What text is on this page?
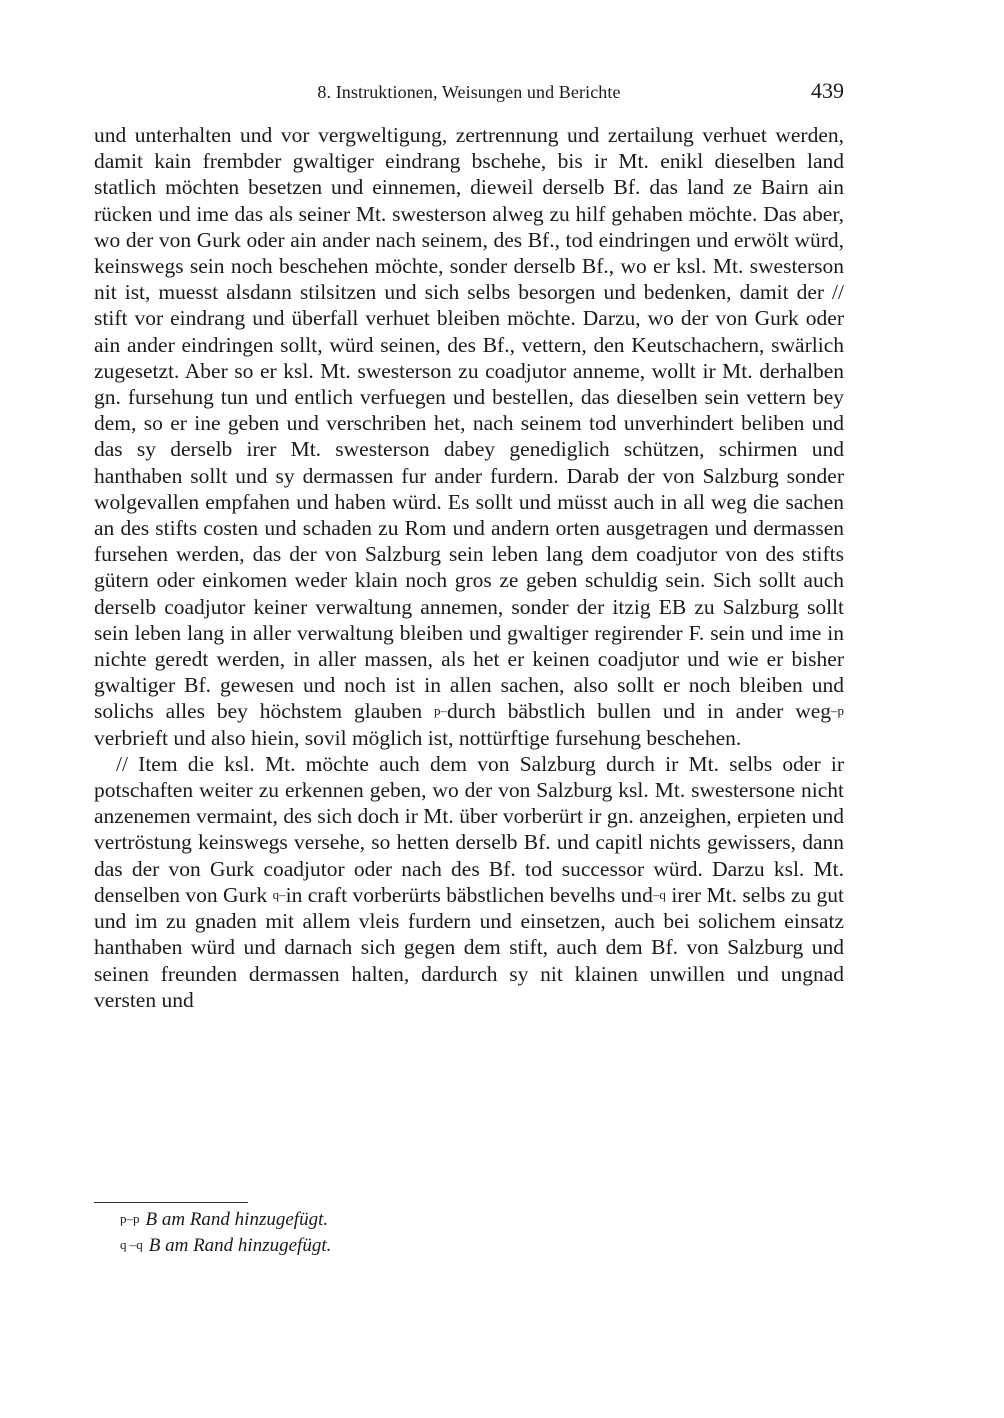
8. Instruktionen, Weisungen und Berichte	439

und unterhalten und vor vergweltigung, zertrennung und zertailung verhuet werden, damit kain frembder gwaltiger eindrang bschehe, bis ir Mt. enikl dieselben land statlich möchten besetzen und einnemen, dieweil derselb Bf. das land ze Bairn ain rücken und ime das als seiner Mt. swesterson alweg zu hilf gehaben möchte. Das aber, wo der von Gurk oder ain ander nach seinem, des Bf., tod eindringen und erwölt würd, keinswegs sein noch beschehen möchte, sonder derselb Bf., wo er ksl. Mt. swesterson nit ist, muesst alsdann stilsitzen und sich selbs besorgen und bedenken, damit der // stift vor eindrang und überfall verhuet bleiben möchte. Darzu, wo der von Gurk oder ain ander eindringen sollt, würd seinen, des Bf., vettern, den Keutschachern, swärlich zugesetzt. Aber so er ksl. Mt. swesterson zu coadjutor anneme, wollt ir Mt. derhalben gn. fursehung tun und entlich verfuegen und bestellen, das dieselben sein vettern bey dem, so er ine geben und verschriben het, nach seinem tod unverhindert beliben und das sy derselb irer Mt. swesterson dabey genediglich schützen, schirmen und hanthaben sollt und sy dermassen fur ander furdern. Darab der von Salzburg sonder wolgevallen empfahen und haben würd. Es sollt und müsst auch in all weg die sachen an des stifts costen und schaden zu Rom und andern orten ausgetragen und dermassen fursehen werden, das der von Salzburg sein leben lang dem coadjutor von des stifts gütern oder einkomen weder klain noch gros ze geben schuldig sein. Sich sollt auch derselb coadjutor keiner verwaltung annemen, sonder der itzig EB zu Salzburg sollt sein leben lang in aller verwaltung bleiben und gwaltiger regirender F. sein und ime in nichte geredt werden, in aller massen, als het er keinen coadjutor und wie er bisher gwaltiger Bf. gewesen und noch ist in allen sachen, also sollt er noch bleiben und solichs alles bey höchstem glauben p–durch bäbstlich bullen und in ander weg–p verbrieft und also hiein, sovil möglich ist, nottürftige fursehung beschehen.

// Item die ksl. Mt. möchte auch dem von Salzburg durch ir Mt. selbs oder ir potschaften weiter zu erkennen geben, wo der von Salzburg ksl. Mt. swestersone nicht anzenemen vermaint, des sich doch ir Mt. über vorberürt ir gn. anzeighen, erpieten und vertröstung keinswegs versehe, so hetten derselb Bf. und capitl nichts gewissers, dann das der von Gurk coadjutor oder nach des Bf. tod successor würd. Darzu ksl. Mt. denselben von Gurk q–in craft vorberürts bäbstlichen bevelhs und–q irer Mt. selbs zu gut und im zu gnaden mit allem vleis furdern und einsetzen, auch bei solichem einsatz hanthaben würd und darnach sich gegen dem stift, auch dem Bf. von Salzburg und seinen freunden dermassen halten, dardurch sy nit klainen unwillen und ungnad versten und

p–p B am Rand hinzugefügt.
q –q B am Rand hinzugefügt.
